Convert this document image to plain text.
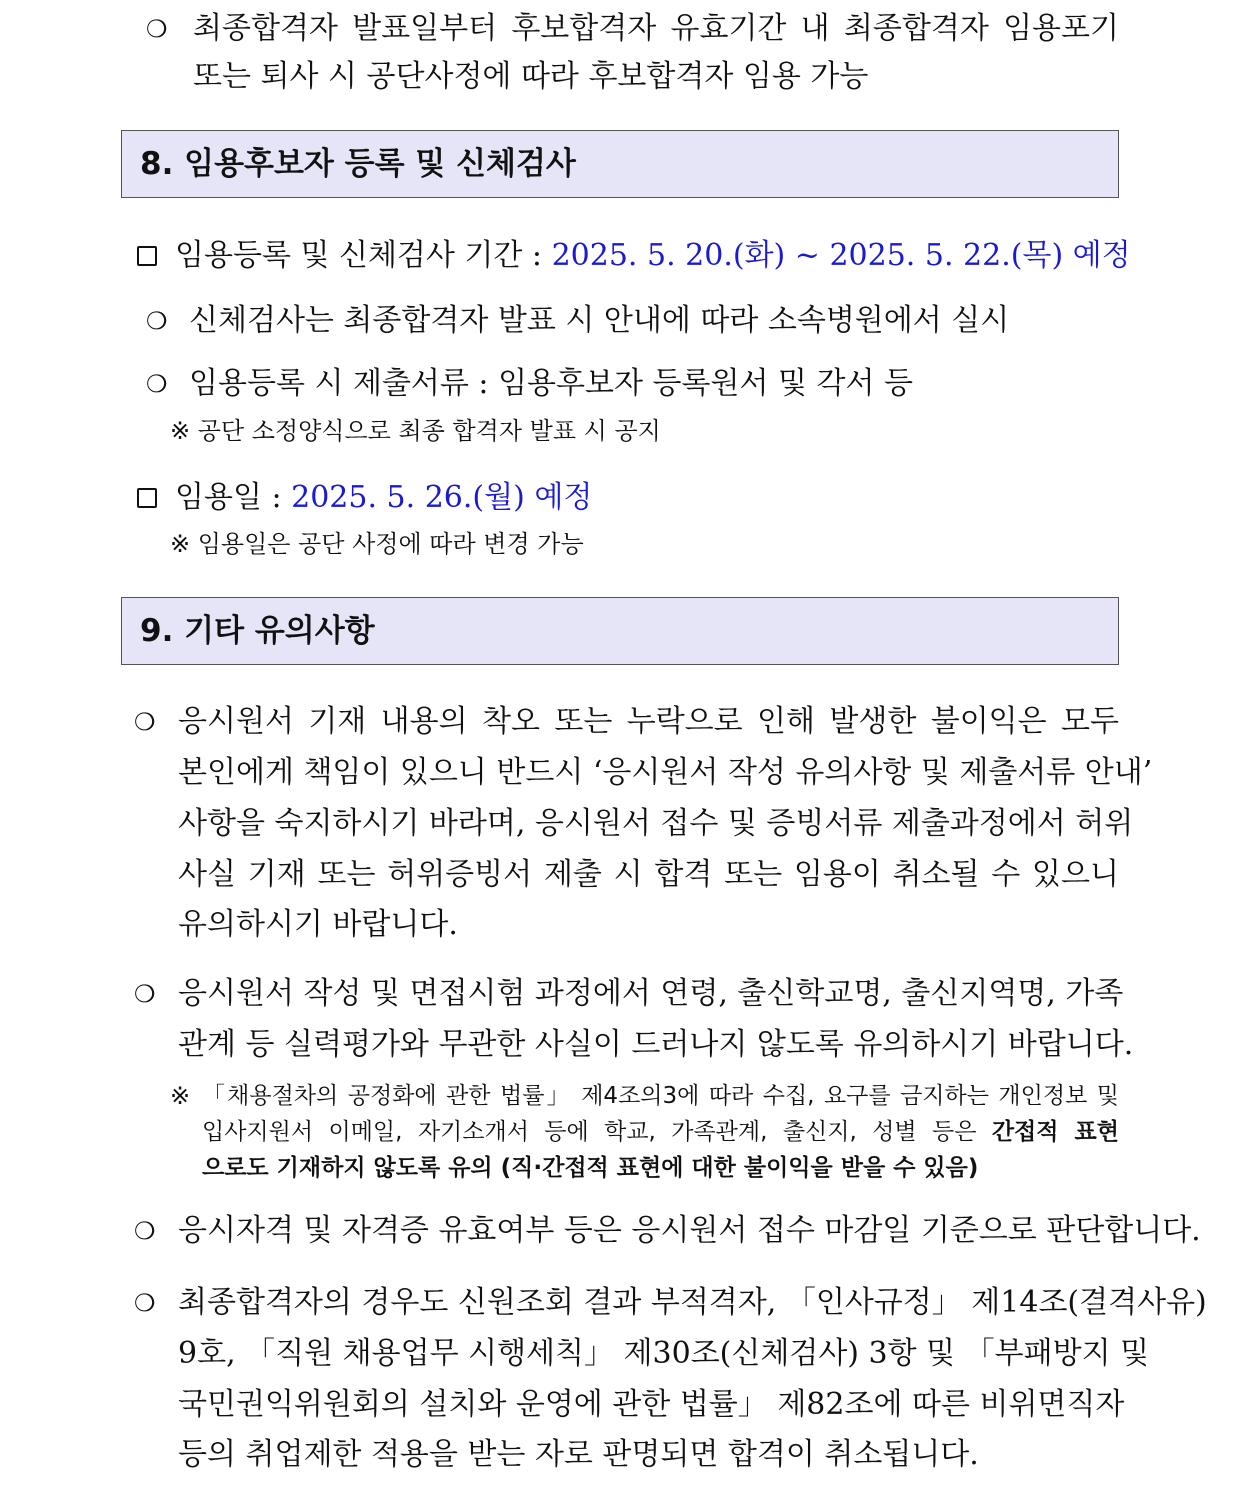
❍ 최종합격자 발표일부터 후보합격자 유효기간 내 최종합격자 임용포기
또는 퇴사 시 공단사정에 따라 후보합격자 임용 가능
8. 임용후보자 등록 및 신체검사
임용등록 및 신체검사 기간 : 2025. 5. 20.(화) ~ 2025. 5. 22.(목) 예정
❍ 신체검사는 최종합격자 발표 시 안내에 따라 소속병원에서 실시
❍ 임용등록 시 제출서류 : 임용후보자 등록원서 및 각서 등
※ 공단 소정양식으로 최종 합격자 발표 시 공지
임용일 : 2025. 5. 26.(월) 예정
※ 임용일은 공단 사정에 따라 변경 가능
9. 기타 유의사항
❍ 응시원서 기재 내용의 착오 또는 누락으로 인해 발생한 불이익은 모두
본인에게 책임이 있으니 반드시 ‘응시원서 작성 유의사항 및 제출서류 안내’
사항을 숙지하시기 바라며, 응시원서 접수 및 증빙서류 제출과정에서 허위
사실 기재 또는 허위증빙서 제출 시 합격 또는 임용이 취소될 수 있으니
유의하시기 바랍니다.
❍ 응시원서 작성 및 면접시험 과정에서 연령, 출신학교명, 출신지역명, 가족
관계 등 실력평가와 무관한 사실이 드러나지 않도록 유의하시기 바랍니다.
※ 「채용절차의 공정화에 관한 법률」 제4조의3에 따라 수집, 요구를 금지하는 개인정보 및
입사지원서 이메일, 자기소개서 등에 학교, 가족관계, 출신지, 성별 등은 간접적 표현
으로도 기재하지 않도록 유의 (직·간접적 표현에 대한 불이익을 받을 수 있음)
❍ 응시자격 및 자격증 유효여부 등은 응시원서 접수 마감일 기준으로 판단합니다.
❍ 최종합격자의 경우도 신원조회 결과 부적격자, 「인사규정」 제14조(결격사유)
9호, 「직원 채용업무 시행세칙」 제30조(신체검사) 3항 및 「부패방지 및
국민권익위원회의 설치와 운영에 관한 법률」 제82조에 따른 비위면직자
등의 취업제한 적용을 받는 자로 판명되면 합격이 취소됩니다.
